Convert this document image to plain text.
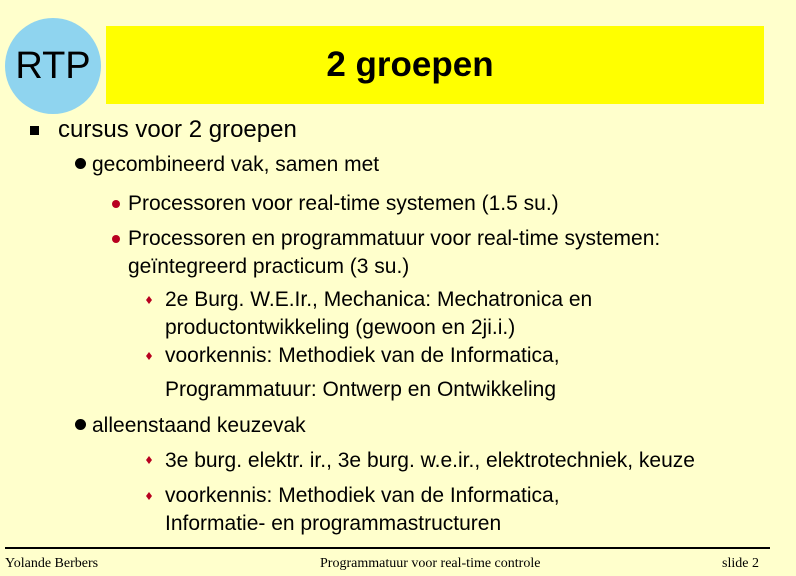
RTP	2 groepen
cursus voor 2 groepen
gecombineerd vak, samen met
Processoren voor real-time systemen (1.5 su.)
Processoren en programmatuur voor real-time systemen:
geïntegreerd practicum (3 su.)
2e Burg. W.E.Ir., Mechanica: Mechatronica en
productontwikkeling (gewoon en 2ji.i.)
voorkennis: Methodiek van de Informatica,
Programmatuur: Ontwerp en Ontwikkeling
alleenstaand keuzevak
3e burg. elektr. ir., 3e burg. w.e.ir., elektrotechniek, keuze
voorkennis: Methodiek van de Informatica,
Informatie- en programmastructuren
Yolande Berbers	Programmatuur voor real-time controle	slide 2
